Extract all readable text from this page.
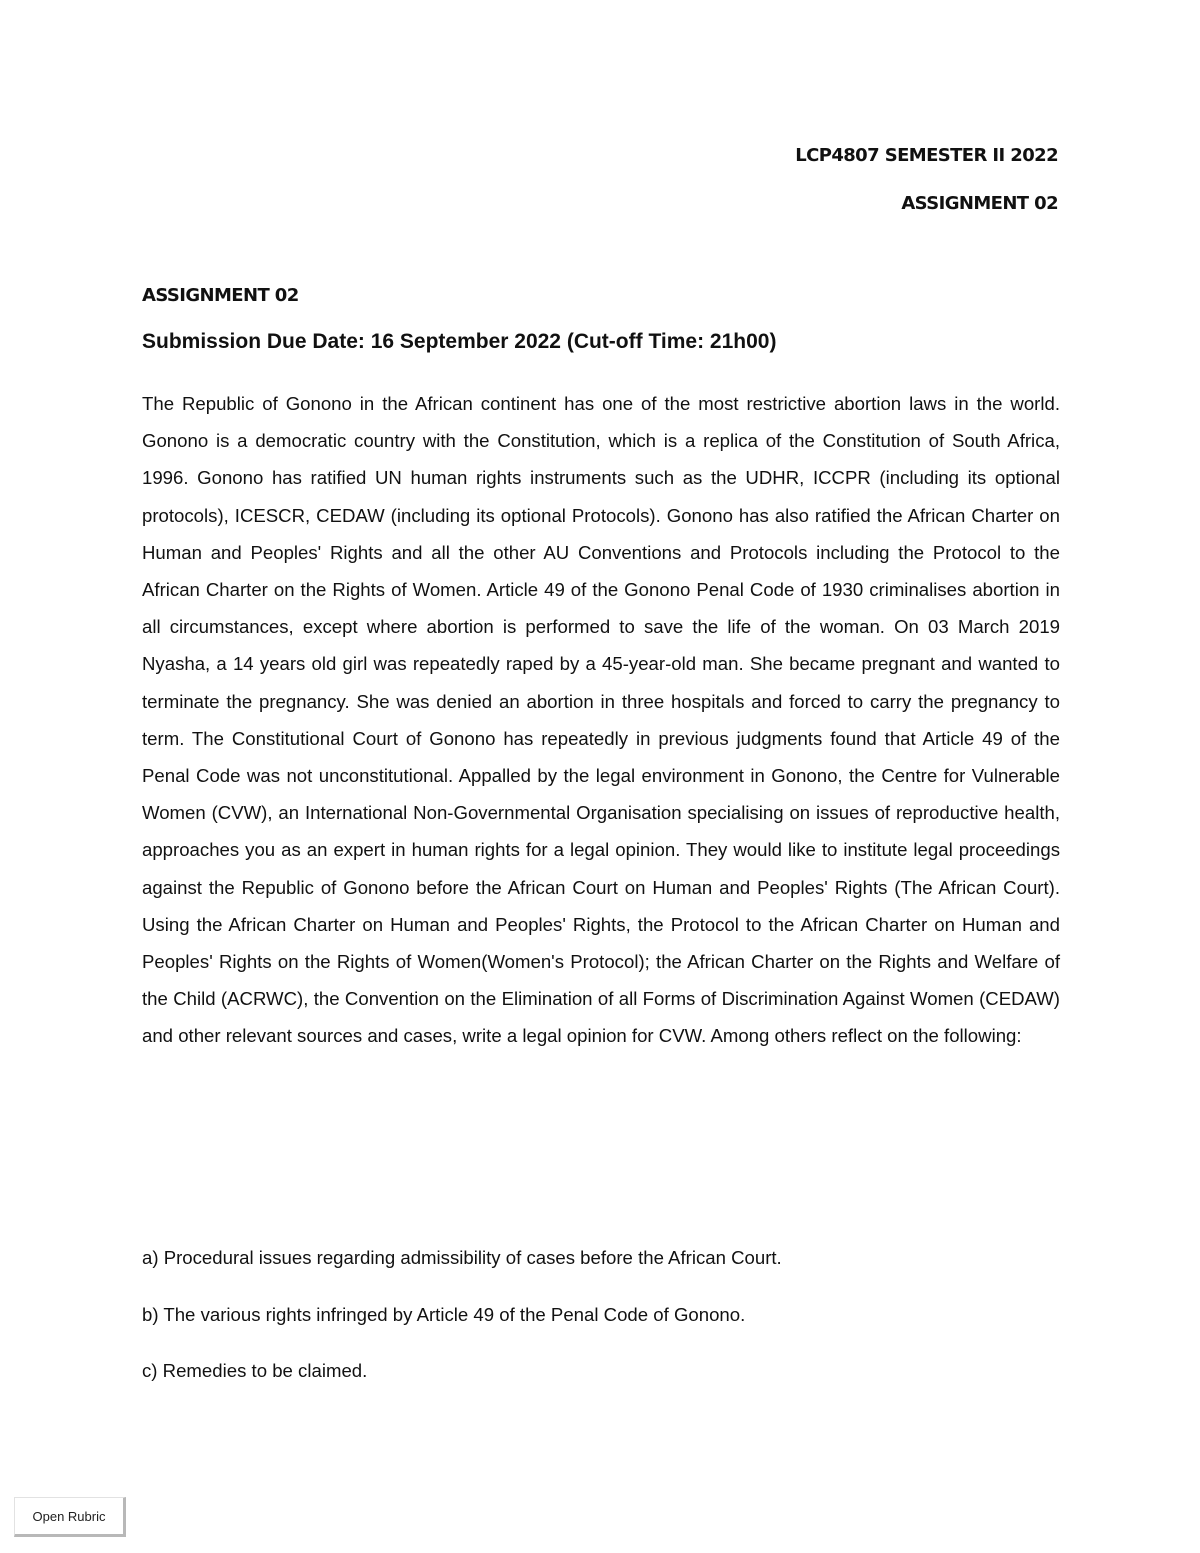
LCP4807 SEMESTER II 2022
ASSIGNMENT 02
ASSIGNMENT 02
Submission Due Date: 16 September 2022 (Cut-off Time: 21h00)

The Republic of Gonono in the African continent has one of the most restrictive abortion laws in the world. Gonono is a democratic country with the Constitution, which is a replica of the Constitution of South Africa, 1996. Gonono has ratified UN human rights instruments such as the UDHR, ICCPR (including its optional protocols), ICESCR, CEDAW (including its optional Protocols). Gonono has also ratified the African Charter on Human and Peoples' Rights and all the other AU Conventions and Protocols including the Protocol to the African Charter on the Rights of Women. Article 49 of the Gonono Penal Code of 1930 criminalises abortion in all circumstances, except where abortion is performed to save the life of the woman. On 03 March 2019 Nyasha, a 14 years old girl was repeatedly raped by a 45-year-old man. She became pregnant and wanted to terminate the pregnancy. She was denied an abortion in three hospitals and forced to carry the pregnancy to term. The Constitutional Court of Gonono has repeatedly in previous judgments found that Article 49 of the Penal Code was not unconstitutional. Appalled by the legal environment in Gonono, the Centre for Vulnerable Women (CVW), an International Non-Governmental Organisation specialising on issues of reproductive health, approaches you as an expert in human rights for a legal opinion. They would like to institute legal proceedings against the Republic of Gonono before the African Court on Human and Peoples' Rights (The African Court). Using the African Charter on Human and Peoples' Rights, the Protocol to the African Charter on Human and Peoples' Rights on the Rights of Women(Women's Protocol); the African Charter on the Rights and Welfare of the Child (ACRWC), the Convention on the Elimination of all Forms of Discrimination Against Women (CEDAW) and other relevant sources and cases, write a legal opinion for CVW. Among others reflect on the following:

a) Procedural issues regarding admissibility of cases before the African Court.

b) The various rights infringed by Article 49 of the Penal Code of Gonono.

c) Remedies to be claimed.

Open Rubric
